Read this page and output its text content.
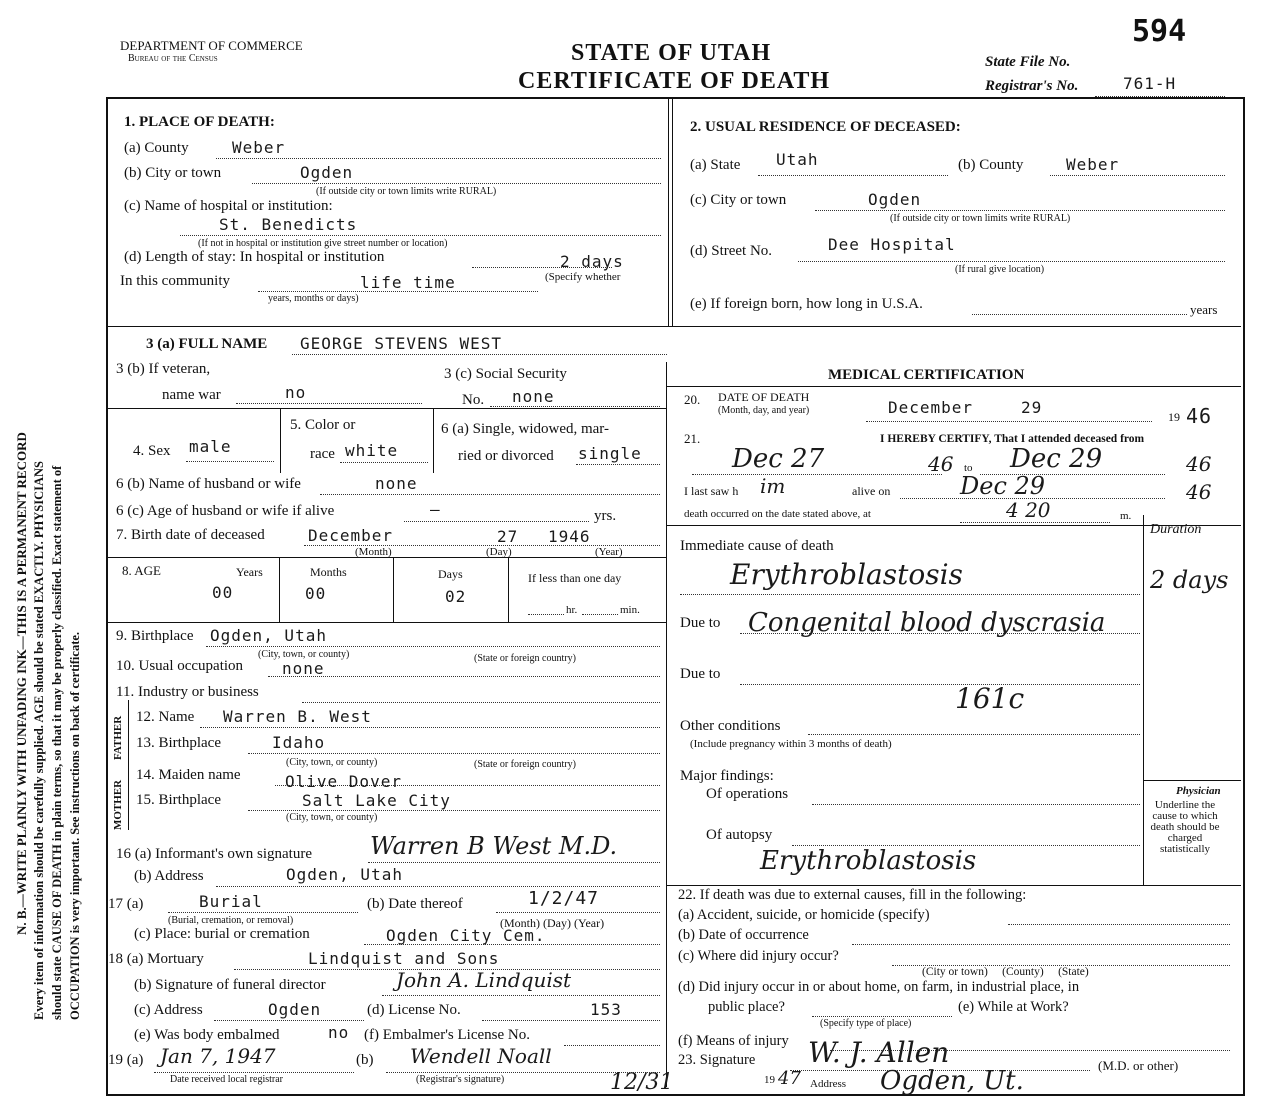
N. B.—WRITE PLAINLY WITH UNFADING INK—THIS IS A PERMANENT RECORD Every item of information should be carefully supplied. AGE should be stated EXACTLY. PHYSICIANS should state CAUSE OF DEATH in plain terms, so that it may be properly classified. Exact statement of OCCUPATION is very important. See instructions on back of certificate.
DEPARTMENT OF COMMERCE
Bureau of the Census	STATE OF UTAH
CERTIFICATE OF DEATH
594
State File No.
Registrar's No.	761-H
1. PLACE OF DEATH:
(a) County	Weber
(b) City or town	Ogden
(If outside city or town limits write RURAL)
(c) Name of hospital or institution:
St. Benedicts
(If not in hospital or institution give street number or location)
(d) Length of stay: In hospital or institution	2 days
In this community	life time	(Specify whether
years, months or days)
2. USUAL RESIDENCE OF DECEASED:
(a) State Utah	(b) County	Weber
(c) City or town	Ogden
(If outside city or town limits write RURAL)
(d) Street No.	Dee Hospital
(If rural give location)
(e) If foreign born, how long in U.S.A.	years
3 (a) FULL NAME GEORGE STEVENS WEST
3 (b) If veteran,
name war	no
3 (c) Social Security
No. none
4. Sex male
5. Color or
race white
6 (a) Single, widowed, mar-
ried or divorced single
6 (b) Name of husband or wife	none
6 (c) Age of husband or wife if alive	—	yrs.
7. Birth date of deceased	December	27 1946
(Month)	(Day)	(Year)
8. AGE	Years	Months	Days
00	00	02
If less than one day
hr.	min.
9. Birthplace Ogden, Utah
(City, town, or county)	(State or foreign country)
10. Usual occupation none
11. Industry or business
FATHER
MOTHER
12. Name Warren B. West
13. Birthplace	Idaho
(City, town, or county)	(State or foreign country)
14. Maiden name	Olive Dover
15. Birthplace	Salt Lake City
(City, town, or county)
16 (a) Informant's own signature Warren B West M.D.
(b) Address	Ogden, Utah
17 (a)	Burial
(Burial, cremation, or removal)
(b) Date thereof	1/2/47
(Month) (Day) (Year)
(c) Place: burial or cremation	Ogden City Cem.
18 (a) Mortuary	Lindquist and Sons
(b) Signature of funeral director	John A. Lindquist
(c) Address	Ogden	(d) License No.	153
(e) Was body embalmed	no (f) Embalmer's License No.
19 (a) Jan 7, 1947
Date received local registrar
(b) Wendell Noall
(Registrar's signature)
MEDICAL CERTIFICATION
20. DATE OF DEATH
(Month, day, and year)	December	29	19 46
21.	I HEREBY CERTIFY, That I attended deceased from
Dec 27	46 to Dec 29	46
I last saw h im	alive on	Dec 29	46
death occurred on the date stated above, at	4 20	m.
Duration
Immediate cause of death
Erythroblastosis	2 days
Due to Congenital blood dyscrasia
Due to
161c
Other conditions
(Include pregnancy within 3 months of death)
Major findings:
Of operations
Of autopsy
Erythroblastosis
Physician
Underline the cause to which death should be charged statistically
22. If death was due to external causes, fill in the following:
(a) Accident, suicide, or homicide (specify)
(b) Date of occurrence
(c) Where did injury occur?
(City or town)     (County)     (State)
(d) Did injury occur in or about home, on farm, in industrial place, in
public place?
(Specify type of place)
(e) While at Work?
(f) Means of injury
23. Signature W. J. Allen	(M.D. or other)
12/31	19 47 Address Ogden, Ut.
